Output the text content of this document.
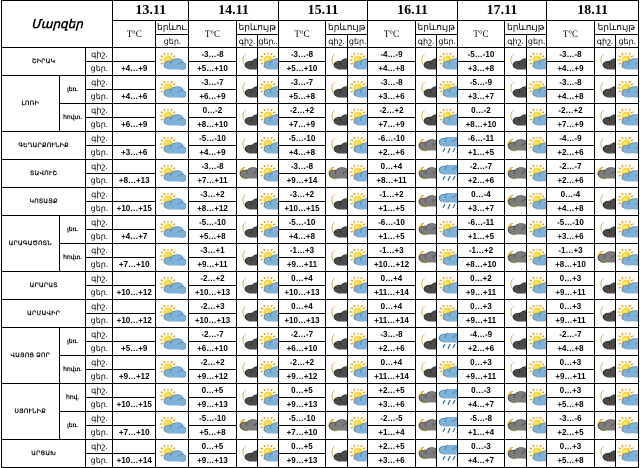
Մարզեր			13.11		14.11			15.11			16.11			17.11			18.11		
			T°C	երևու.	T°C	երևույթ		T°C	երևույթ		T°C	երևույթ		T°C	երևույթ		T°C	երևույթ	
				ցեր.		գիշ.	ցեր..		գիշ.	ցեր.		գիշ.	ցեր.		գիշ.	ցեր.		գիշ.	ցեր.
ՇԻՐԱԿ		գիշ.			-3…-8			-3…-8			-4…-9			-5…-10			-3…-8	

		ցեր.	+4…+9		+5…+10			+5…+10			+4…+8			+3…+8			+4…+9		
ԼՈՌԻ	լեռ.	գիշ.			-3…-7			-3…-7			-3…-8			-5…-9			-3…-8	

		ցեր.	+4…+6		+6…+9			+5…+8			+3…+6			+3…+7			+4…+8		
	հովտ.	գիշ.			0…-2			-2…+2			-2…+2			0…-2			-2…+2	

		ցեր.	+6…+9		+8…+10			+7…+9			+7…+9			+8…+10			+7…+9		
ԳԵՂԱՐՔՈՒՆԻՔ		գիշ.			-5…-10			-5…-10			-6…-10			-6…-11			-4…-9	

		ցեր.	+3…+6		+4…+9			+4…+8			+2…+6			+1…+5			+2…+6		
ՏԱՎՈՒՇ		գիշ.			-3…-8			-3…-8			0…+4			-2…-7			-2…-7	

		ցեր.	+8…+13		+7…+11			+9…+14			+8…+11			+2…+6			+2…+6		
ԿՈՏԱՅՔ		գիշ.			-3…+2			-3…+2			-1…+2			0…-4			0…-4	

		ցեր.	+10…+15		+8…+12			+10…+15			+1…+5			+3…+7			+4…+8		
ԱՐԱԳԱԾՈՏՆ	լեռ.	գիշ.			-5…-10			-5…-10			-6…-10			-6…-11			-5…-10	

		ցեր.	+4…+7		+5…+8			+4…+8			+1…+5			+1…+5			+3…+6		
	հովտ.	գիշ.			-3…+1			-1…+3			-1…+3			-1…+2			-1…+3	

		ցեր.	+7…+10		+9…+11			+9…+11			+10…+12			+8…+10			+8…+10		
ԱՐԱՐԱՏ		գիշ.			-2…+2			0…+4			0…+4			0…+2			0…+3	

		ցեր.	+10…+12		+10…+13			+10…+13			+11…+14			+9…+11			+9…+11		
ԱՐՄԱՎԻՐ		գիշ.			-2…+3			0…+4			0…+4			0…+3			0…+3	

		ցեր.	+10…+12		+10…+13			+10…+13			+11…+14			+9…+11			+9…+11		
ՎԱՅՈՑ ՁՈՐ	լեռ.	գիշ.			-2…-7			-2…-7			-3…-8			-4…-9			-2…-7	

		ցեր.	+5…+9		+6…+10			+6…+10			+2…+6			+2…+6			+4…+8		
	հովտ.	գիշ.			-2…+2			-2…+2			0…+4			0…+3			0…+3	

		ցեր.	+9…+12		+9…+12			+9…+12			+11…+14			+9…+11			+9…+11		
ՍՅՈՒՆԻՔ	հով.	գիշ.			0…+5			0…+5			+2…+5			0…-3			0…+3	

		ցեր.	+10…+15		+9…+13			+9…+13			+3…+6			+4…+7			+5…+8		
	լեռ.	գիշ.			-5…-10			-5…-10			-2…-5			-5…-8			-3…-6	

		ցեր.	+7…+10		+5…+8			+7…+10			+1…+4			+1…+4			+2…+5		
ԱՐՑԱԽ		գիշ.			0…+5			0…+5			+2…+5			0…-3			0…+3	

		ցեր.	+10…+14		+9…+13			+9…+13			+3…+6			+4…+7			+5…+8		
